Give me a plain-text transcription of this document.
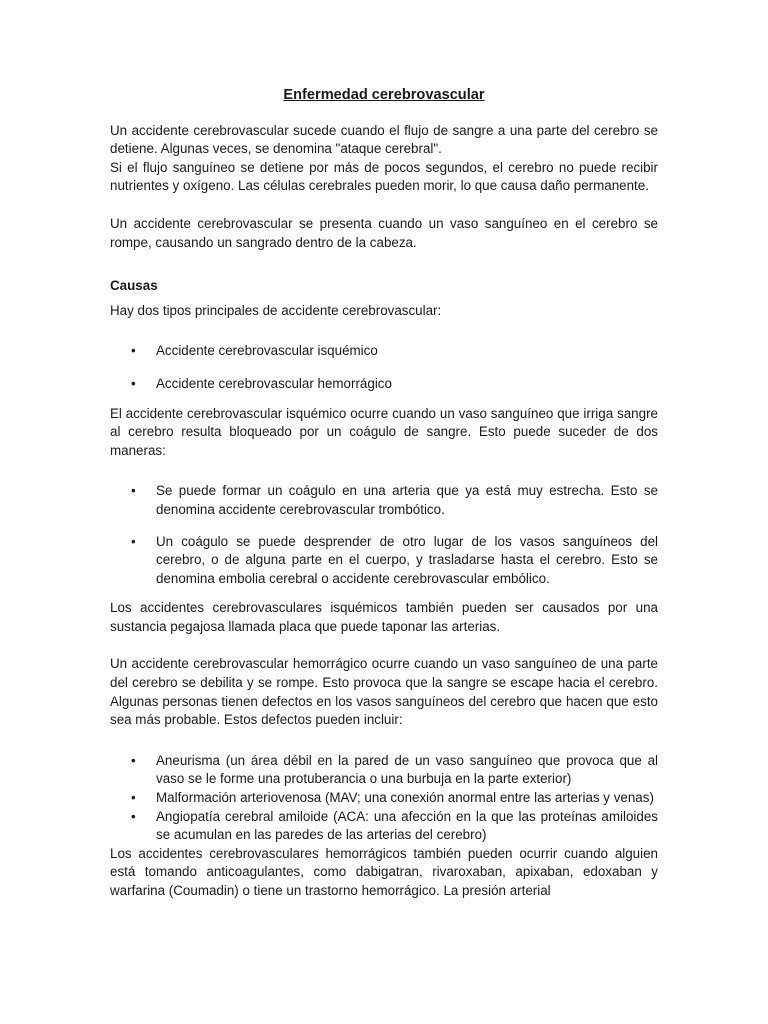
Enfermedad cerebrovascular

Un accidente cerebrovascular sucede cuando el flujo de sangre a una parte del cerebro se detiene. Algunas veces, se denomina "ataque cerebral".

Si el flujo sanguíneo se detiene por más de pocos segundos, el cerebro no puede recibir nutrientes y oxígeno. Las células cerebrales pueden morir, lo que causa daño permanente.

Un accidente cerebrovascular se presenta cuando un vaso sanguíneo en el cerebro se rompe, causando un sangrado dentro de la cabeza.

Causas

Hay dos tipos principales de accidente cerebrovascular:

• Accidente cerebrovascular isquémico
• Accidente cerebrovascular hemorrágico

El accidente cerebrovascular isquémico ocurre cuando un vaso sanguíneo que irriga sangre al cerebro resulta bloqueado por un coágulo de sangre. Esto puede suceder de dos maneras:

• Se puede formar un coágulo en una arteria que ya está muy estrecha. Esto se denomina accidente cerebrovascular trombótico.
• Un coágulo se puede desprender de otro lugar de los vasos sanguíneos del cerebro, o de alguna parte en el cuerpo, y trasladarse hasta el cerebro. Esto se denomina embolia cerebral o accidente cerebrovascular embólico.

Los accidentes cerebrovasculares isquémicos también pueden ser causados por una sustancia pegajosa llamada placa que puede taponar las arterias.

Un accidente cerebrovascular hemorrágico ocurre cuando un vaso sanguíneo de una parte del cerebro se debilita y se rompe. Esto provoca que la sangre se escape hacia el cerebro. Algunas personas tienen defectos en los vasos sanguíneos del cerebro que hacen que esto sea más probable. Estos defectos pueden incluir:

• Aneurisma (un área débil en la pared de un vaso sanguíneo que provoca que al vaso se le forme una protuberancia o una burbuja en la parte exterior)
• Malformación arteriovenosa (MAV; una conexión anormal entre las arterias y venas)
• Angiopatía cerebral amiloide (ACA: una afección en la que las proteínas amiloides se acumulan en las paredes de las arterias del cerebro)

Los accidentes cerebrovasculares hemorrágicos también pueden ocurrir cuando alguien está tomando anticoagulantes, como dabigatran, rivaroxaban, apixaban, edoxaban y warfarina (Coumadin) o tiene un trastorno hemorrágico. La presión arterial
